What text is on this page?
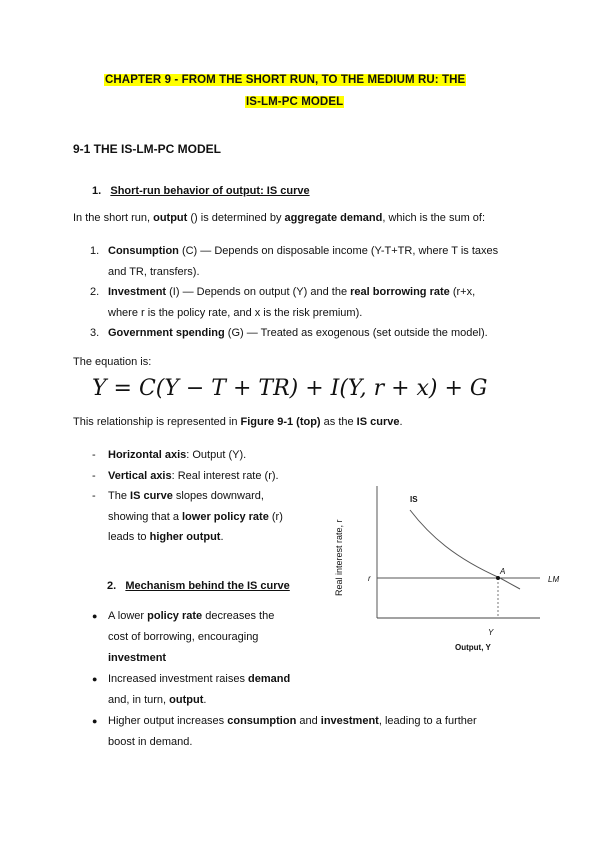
CHAPTER 9 - FROM THE SHORT RUN, TO THE MEDIUM RU: THE
IS-LM-PC MODEL
9-1 THE IS-LM-PC MODEL
1. Short-run behavior of output: IS curve
In the short run, output () is determined by aggregate demand, which is the sum of:
1. Consumption (C) — Depends on disposable income (Y-T+TR, where T is taxes
and TR, transfers).
2. Investment (I) — Depends on output (Y) and the real borrowing rate (r+x,
where r is the policy rate, and x is the risk premium).
3. Government spending (G) — Treated as exogenous (set outside the model).
The equation is:
Y = C(Y − T + TR) + I(Y, r + x) + G
This relationship is represented in Figure 9-1 (top) as the IS curve.
- Horizontal axis: Output (Y).
- Vertical axis: Real interest rate (r).
- The IS curve slopes downward,
showing that a lower policy rate (r)
leads to higher output.
2. Mechanism behind the IS curve
● A lower policy rate decreases the
cost of borrowing, encouraging
investment
● Increased investment raises demand
and, in turn, output.
● Higher output increases consumption and investment, leading to a further
boost in demand.
Real interest rate, r
IS
LM
r
A
Y
Output, Y
